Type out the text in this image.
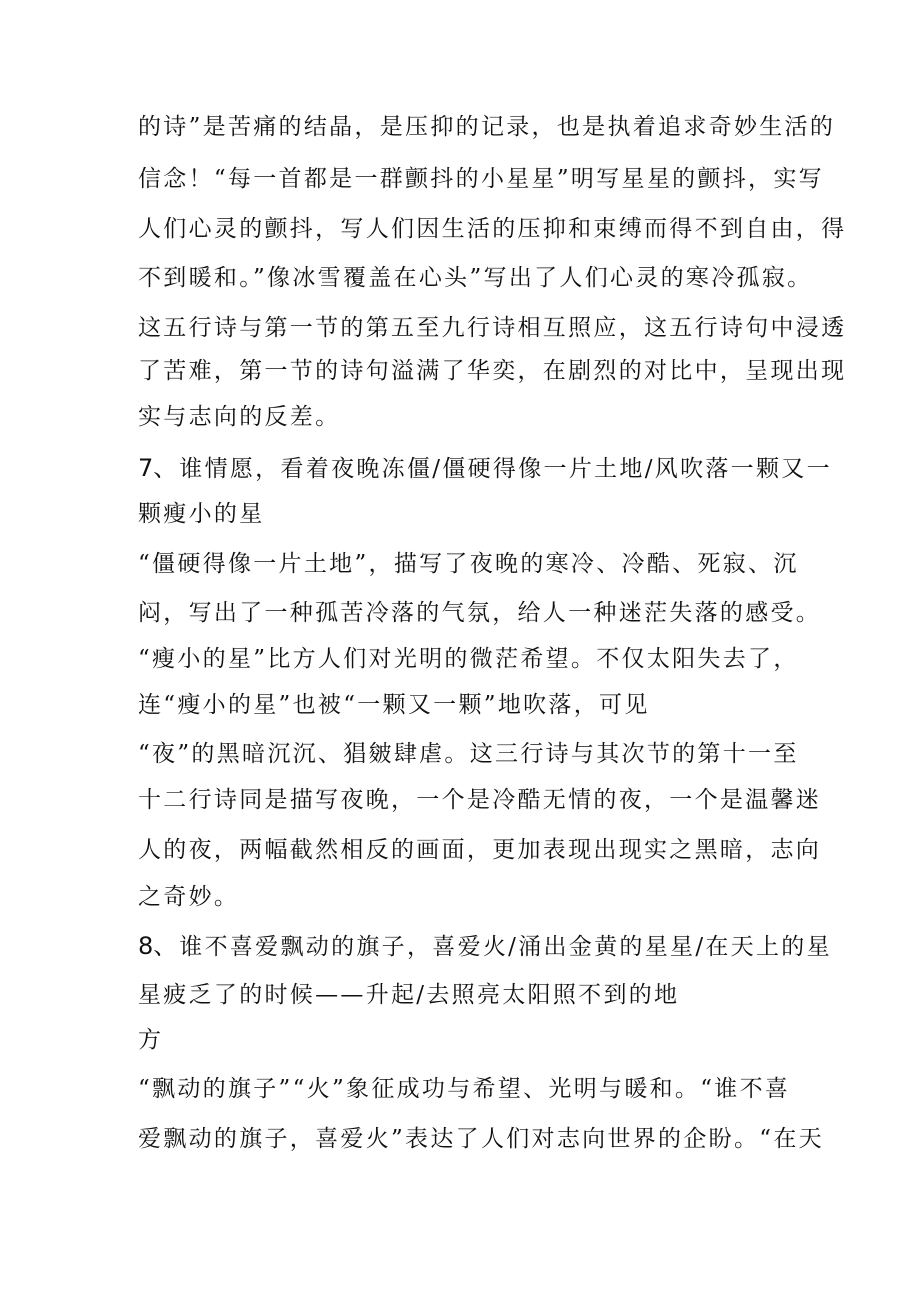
的诗”是苦痛的结晶，是压抑的记录，也是执着追求奇妙生活的
信念！“每一首都是一群颤抖的小星星”明写星星的颤抖，实写
人们心灵的颤抖，写人们因生活的压抑和束缚而得不到自由，得
不到暖和。”像冰雪覆盖在心头”写出了人们心灵的寒冷孤寂。
这五行诗与第一节的第五至九行诗相互照应，这五行诗句中浸透
了苦难，第一节的诗句溢满了华奕，在剧烈的对比中，呈现出现
实与志向的反差。
7、谁情愿，看着夜晚冻僵/僵硬得像一片土地/风吹落一颗又一
颗瘦小的星
“僵硬得像一片土地”，描写了夜晚的寒冷、冷酷、死寂、沉
闷，写出了一种孤苦冷落的气氛，给人一种迷茫失落的感受。
“瘦小的星”比方人们对光明的微茫希望。不仅太阳失去了，
连“瘦小的星”也被“一颗又一颗”地吹落，可见
“夜”的黑暗沉沉、猖皴肆虐。这三行诗与其次节的第十一至
十二行诗同是描写夜晚，一个是冷酷无情的夜，一个是温馨迷
人的夜，两幅截然相反的画面，更加表现出现实之黑暗，志向
之奇妙。
8、谁不喜爱飘动的旗子，喜爱火/涌出金黄的星星/在天上的星
星疲乏了的时候——升起/去照亮太阳照不到的地
方
“飘动的旗子”“火”象征成功与希望、光明与暖和。“谁不喜
爱飘动的旗子，喜爱火”表达了人们对志向世界的企盼。“在天
